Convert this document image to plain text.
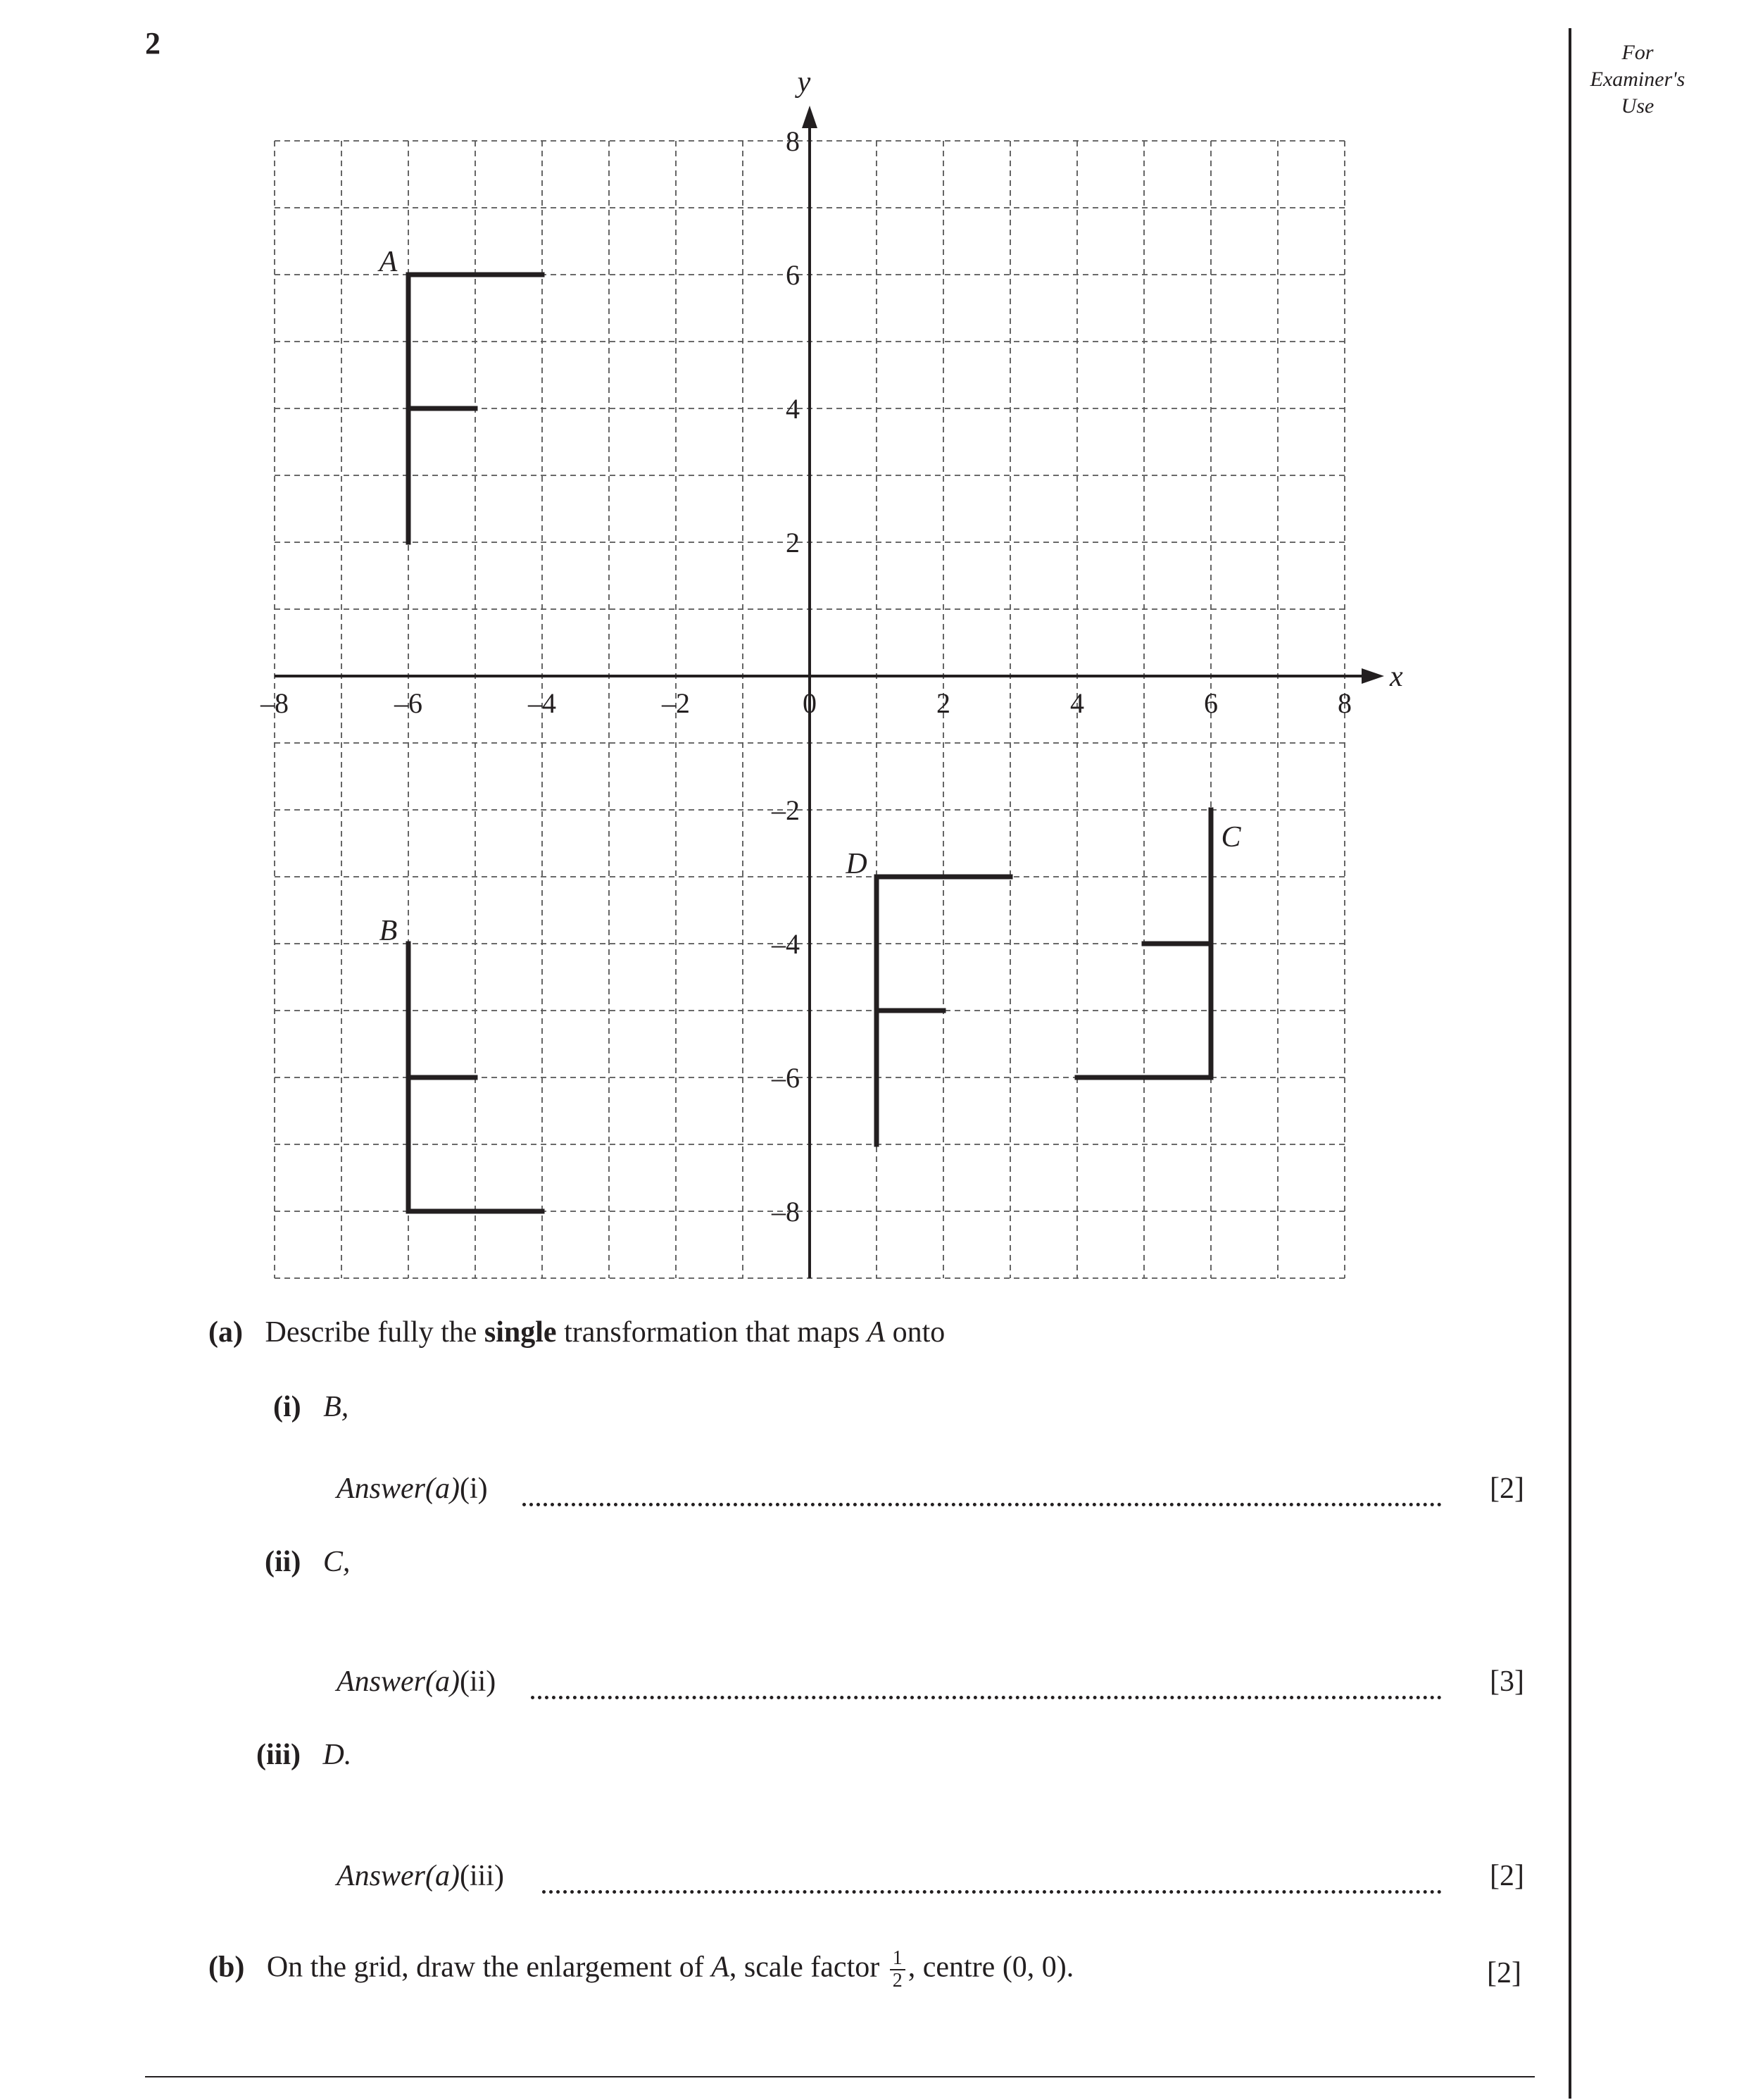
2	For
Examiner's
Use
x
y
–8	–6	–4	–2	0	2	4	6	8
8
6
4
2
–2
–4
–6
–8
A
B
C
D
(a) Describe fully the single transformation that maps A onto
(i) B,
Answer(a)(i)	[2]
(ii) C,
Answer(a)(ii)	[3]
(iii) D.
Answer(a)(iii)	[2]
(b) On the grid, draw the enlargement of A, scale factor $\frac{1}{2}$ , centre (0, 0).	[2]
